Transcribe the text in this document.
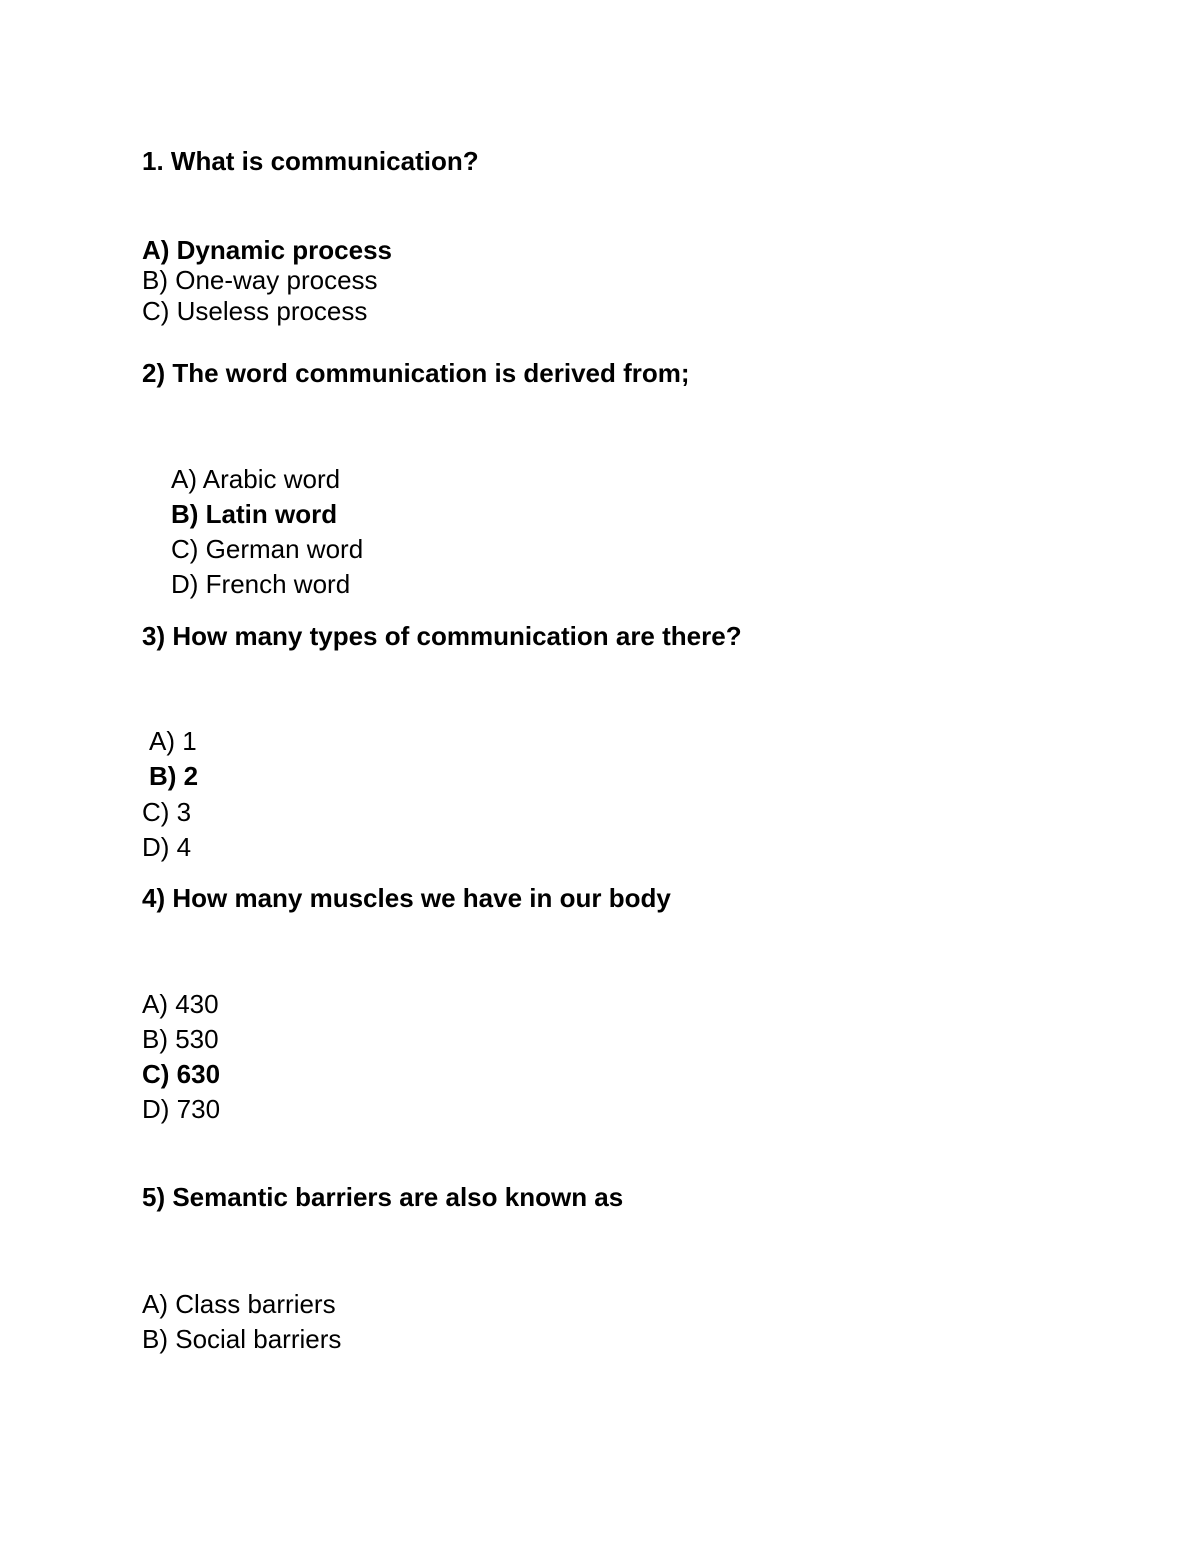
1. What is communication?
A) Dynamic process
B) One-way process
C) Useless process
2) The word communication is derived from;
A) Arabic word
B) Latin word
C) German word
D) French word
3) How many types of communication are there?
A) 1
B) 2
C) 3
D) 4
4) How many muscles we have in our body
A) 430
B) 530
C) 630
D) 730
5) Semantic barriers are also known as
A) Class barriers
B) Social barriers
